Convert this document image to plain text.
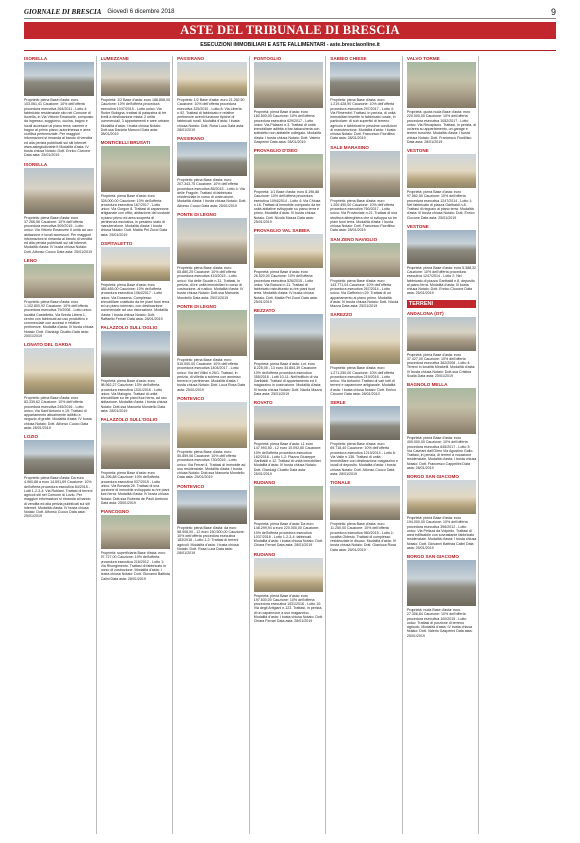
GIORNALE DI BRESCIA Giovedì 6 dicembre 2018	9
ASTE DEL TRIBUNALE DI BRESCIA
ESECUZIONI IMMOBILIARI E ASTE FALLIMENTARI - aste.bresciaonline.it
ISORELLA
Proprietà: piena Base d'asta: euro 103.061,41 Cauzione: 10% dell'offerta procedura esecutiva 264/2011 - Lotto 4: fabbricato residenziale sito nel Comune di Isorella, in Via Vittorio Emanuele, composto da ingresso, soggiorno, cucina, bagno e locali accessori al piano terra; camere e bagno al primo piano; autorimessa e area cortiliva pertinenziale. Per maggiori informazioni si rimanda al bando di vendita ed alla perizia pubblicati sui siti internet www.astegiudiziarie.it Modalità d'asta: IV busta chiusa Notaio: Dott. Enrico Ciccone Data asta: 25/01/2019
ISORELLA
Proprietà: piena Base d'asta: euro 37.266,56 Cauzione: 10% dell'offerta procedura esecutiva 509/2015 - Lotto unico: Via Vittorio Emanuele II unità ad uso abitazione e locali accessori. Per maggiori informazioni si rimanda al bando di vendita ed alla perizia pubblicati sui siti internet. Modalità d'asta: IV busta chiusa Notaio: Dott. Alfonso Cuoco Data asta: 25/01/2019
LENO
Proprietà: piena Base d'asta: euro 1.102.800,92 Cauzione: 10% dell'offerta procedura esecutiva 79/2008 - Lotto unico: località Castelletto, Via Breda Libera 1, centro con fabbricati ad uso produttivo e commerciale con accessi e relative pertinenze. Modalità d'asta: IV busta chiusa Notaio: Dott. Gianluigi Ciuatto Data asta: 25/01/2019
LONATO DEL GARDA
Proprietà: piena Base d'asta: euro 83.339,62 Cauzione: 10% dell'offerta procedura esecutiva 245/2016 - Lotto unico: Via Sant'Antonio n.19. Trattasi di appartamento attualmente adibito a negozio di grafie. Modalità d'asta: IV busta chiusa Notaio: Dott. Alfonso Cuoco Data asta: 25/01/2019
LOZIO
Proprietà: piena Base d'asta: Da euro 4.960,88 a euro 14.691,69 Cauzione: 10% dell'offerta procedura esecutiva 84/2015 - Lotti 1-2-3-4: Via Rubiani. Trattasi di terreni agricoli siti nel Comune di Lozio. Per maggiori informazioni si rimanda al bando di vendita ed alla perizia pubblicati sui siti internet. Modalità d'asta: IV busta chiusa Notaio: Dott. Alfonso Cuoco Data asta: 25/01/2019
LUMEZZANE
Proprietà: 1/2 Base d'asta: euro 186.858,00 Cauzione: 10% dell'offerta procedura esecutiva 1047/2015 - Lotto unico: Via Rudre Bologna, trattasi di palazzina di tre livelli a destinazione mista: 2 unità commerciali, 3 appartamenti e aree urbane. Modalità d'asta: I busta chiusa Notaio: Dott.ssa Daniela Marucci Data asta: 28/01/2019
MONTICELLI BRUSATI
Proprietà: piena Base d'asta: euro 328.000,00 Cauzione: 10% dell'offerta procedura esecutiva 167/2017 - Lotto unico: Via Gorgon 8. Trattasi di capannone artigianale con uffici, abitazione del custode a piano primo ed area scoperta di pertinenza esclusiva, in pessimo stato di manutenzione. Modalità d'asta: I busta chiusa Notaio: Dott. Mattia Pel Zucci Data asta: 25/01/2019
OSPITALETTO
Proprietà: piena Base d'asta: euro 485.465,00 Cauzione: 10% dell'offerta procedura esecutiva 1064/2017 - Lotto unico: Via Dossena. Complesso immobiliare costituito da tre piani fuori terra ed un piano interrato, con destinazione commerciale ad uso ristorazione. Modalità d'asta: I busta chiusa Notaio: Dott. Raffaello Ferrari Data asta: 28/01/2019
PALAZZOLO SULL'OGLIO
Proprietà: piena Base d'asta: euro 98.962,27 Cauzione: 10% dell'offerta procedura esecutiva 1031/2016 - Lotto unico: Via Malogno. Trattasi di unità immobiliare su tre piani fuori terra, ad uso abitazione. Modalità d'asta: I busta chiusa Notaio: Dott.ssa Manuela Mondello Data asta: 28/01/2019
PALAZZOLO SULL'OGLIO
Proprietà: piena Base d'asta: euro 44.296,88 Cauzione: 10% dell'offerta procedura esecutiva 937/2015 - Lotto unico: Via Bonaria 28. Trattasi di una porzione di immobile sviluppato su tre piani fuori terra. Modalità d'asta: IV busta chiusa Notaio: Dott.ssa Roberta de Paoli Ambrosi Data asta: 25/01/2019
PIANCOGNO
Proprietà: superficiaria Base d'asta: euro 97.727,00 Cauzione: 10% dell'offerta procedura esecutiva 216/2012 - Lotto 1: Via Risorgimento. Trattasi di fabbricato in corso di costruzione. Modalità d'asta: I busta chiusa Notaio: Dott. Giovanni Battista Calini Data asta: 28/01/2019
PASSIRANO
Proprietà: 1/2 Base d'asta: euro 21.262,50 Cauzione: 10% dell'offerta procedura esecutiva 325/2010 - Lotto 8: Via Liberta n.92. Trattasi di fabbricato e relative pertinenze aventi funzione tipiche di fabbricati rurali. Modalità d'asta: I busta chiusa Notaio: Dott. Rosa Luca Data asta: 28/01/2019
PASSIRANO
Proprietà: piena Base d'asta: euro 207.343,75 Cauzione: 10% dell'offerta procedura esecutiva 85/2015 - Lotto 4: Via delle Fragole. Trattasi di fabbricato residenziale in corso di costruzione. Modalità d'asta: I busta chiusa Notaio: Dott. Alfonso Cuoco Data asta: 25/01/2019
PONTE DI LEGNO
Proprietà: piena Base d'asta: euro 65.880,25 Cauzione: 10% dell'offerta procedura esecutiva 419/2015 - Lotto unico: Via delle Scuole n.31. Trattasi, in perizia, di tre unità immobiliari in corso di costruzione, al rustico. Modalità d'asta: IV busta chiusa Notaio: Dott.ssa Manuela Mondello Data asta: 25/01/2019
PONTE DI LEGNO
Proprietà: piena Base d'asta: euro 510.000,00 Cauzione: 10% dell'offerta procedura esecutiva 1404/2017 - Lotto unico: Via dei Villini n.26/1. Trattasi, in perizia, di villetta a schiera con annesso terreno e pertinenze. Modalità d'asta: I busta chiusa Notaio: Dott. Luca Rosa Data asta: 25/01/2019
PONTEVICO
Proprietà: piena Base d'asta: euro 50.859,06 Cauzione: 10% dell'offerta procedura esecutiva 730/2016 - Lotto unico: Via Ferrari 4. Trattasi di immobile ad uso residenziale. Modalità d'asta: I busta chiusa Notaio: Dott.ssa Manuela Mondello Data asta: 25/01/2019
PONTEVICO
Proprietà: piena Base d'asta: da euro 58.506,00 - 12 euro 150.500,00 Cauzione: 10% dell'offerta procedura esecutiva 183/2016 - Lotto 1-2: Trattasi di terreni agricoli. Modalità d'asta: I busta chiusa Notaio: Dott. Rosa Luca Data asta: 28/01/2019
PONTOGLIO
Proprietà: piena Base d'asta: euro 160.500,00 Cauzione: 10% dell'offerta procedura esecutiva 629/2017 - Lotto unico: Via Palazzo n.3. Trattasi di unità immobiliare adibita a bar-tabaccheria con sottotetto non abitabile collegato. Modalità d'asta: I busta chiusa Notaio: Dott. Valerio Gasperini Data asta: 28/01/2019
PROVAGLIO D'ISEO
Proprietà: 1/1 Base d'asta: euro 8.196,88 Cauzione: 10% dell'offerta procedura esecutiva 1094/2014 - Lotto 4: Via Chiusa n.16. Trattasi di immobile composto da tre unità abitative sviluppate su piano terra e primo. Modalità d'asta: IV busta chiusa Notaio: Dott. Nicola Mazza Data asta: 25/01/2019
PROVAGLIO VAL SABBIA
Proprietà: piena Base d'asta: euro 26.520,00 Cauzione: 10% dell'offerta procedura esecutiva 526/2015 - Lotto unico: Via Barozzi n.11. Trattasi di fabbricato ristrutturato su tre piani fuori terra. Modalità d'asta: IV busta chiusa Notaio: Dott. Mattia Pel Zucci Data asta: 25/01/2019
REZZATO
Proprietà: piena Base d'asta: Lot. euro 8.225,05 - 13 euro 34.854,39 Cauzione: 10% dell'offerta procedura esecutiva 355/2016 - Lotti 10-11: Nell'edificio di via Garibaldi. Trattasi di appartamento ed il magazzino in costruzione. Modalità d'asta: IV busta chiusa Notaio: Dott. Nicola Mazza Data asta: 25/01/2019
ROVATO
Proprietà: piena Base d'asta: L1 euro 147.993,50 - L2 euro 10.092,60 Cauzione: 10% dell'offerta procedura esecutiva 162/2016 - Lotto 1-2: Piazza Giuseppe Garibaldi n.12. Trattasi di unità immobiliari. Modalità d'asta: IV busta chiusa Notaio: Dott. Gianluigi Ciuatto Data asta: 25/01/2019
RUDIANO
Proprietà: piena Base d'asta: Da euro 148.299,94 a euro 220.000,00 Cauzione: 10% dell'offerta procedura esecutiva 1037/2016 - Lotto 1-2-3-4: fabbricati. Modalità d'asta: I busta chiusa Notaio: Dott. Chiara Ferrari Data asta: 28/01/2019
RUDIANO
Proprietà: piena Base d'asta: euro 197.630,00 Cauzione: 10% dell'offerta procedura esecutiva 1031/2016 - Lotto 10: Via degli Artigiani n.123. Trattasi, in perizia, di un capannone a uso magazzino. Modalità d'asta: I busta chiusa Notaio: Dott. Chiara Ferrari Data asta: 28/01/2019
SABBIO CHIESE
Proprietà: piena Base d'asta: euro 1.219.428,90 Cauzione: 10% dell'offerta procedura esecutiva 297/2017 - Lotto 4: Via Rimembri. Trattasi, in perizia, di unità immobiliari inserite in fabbricato rurale, in particolare: di sub superfici di terreno agricolo e fabbricati in pessime condizioni di manutenzione. Modalità d'asta: I busta chiusa Notaio: Dott. Francesco Fiordiliso Data asta: 28/01/2019
SALE MARASINO
Proprietà: piena Base d'asta: euro 1.200.490,00 Cauzione: 10% dell'offerta procedura esecutiva 760/2017 - Lotto unico: Via Provinciale n.21. Trattasi di una struttura alberghiera che si sviluppa su tre piani fuori terra. Modalità d'asta: I busta chiusa Notaio: Dott. Francesco Fiordiliso Data asta: 28/01/2019
SAN ZENO NAVIGLIO
Proprietà: piena Base d'asta: euro 143.771,04 Cauzione: 10% dell'offerta procedura esecutiva 267/2014 - Lotto unico: Via Gafforini n.29. Trattasi di un appartamento al piano primo. Modalità d'asta: IV busta chiusa Notaio: Dott. Nicola Mazza Data asta: 25/01/2019
SAREZZO
Proprietà: piena Base d'asta: euro 1.271.250,00 Cauzione: 10% dell'offerta procedura esecutiva 219/2016 - Lotto unico: Via Antonini. Trattasi di vari lotti di terreni e capannone artigianale. Modalità d'asta: I busta chiusa Notaio: Dott. Enrico Ciccone Data asta: 28/01/2019
SERLE
Proprietà: piena Base d'asta: euro 69.718,40 Cauzione: 10% dell'offerta procedura esecutiva 1219/2014 - Lotto 6: Via Valle n.136. Trattasi di unità immobiliare con destinazione magazzino e locali di deposito. Modalità d'asta: I busta chiusa Notaio: Dott. Alfonso Cuoco Data asta: 28/01/2019
TIGNALE
Proprietà: piena Base d'asta: euro 11.250,00 Cauzione: 10% dell'offerta procedura esecutiva 980/2015 - Lotto 1: località Oldesio. Trattasi di complesso residenziale in disuso. Modalità d'asta: IV busta chiusa Notaio: Dott. Gianluca Rosa Data asta: 25/01/2019
VALVO TORME
Proprietà: quota nuda Base d'asta: euro 220.000,00 Cauzione: 10% dell'offerta procedura esecutiva 1052/2017 - Lotto unico: Via Recapiscio. Trattasi, in perizia, di un'area su appartamento, un garage e terreni boschivi. Modalità d'asta: I busta chiusa Notaio: Dott. Francesco Fiordiliso Data asta: 28/01/2019
VESTONE
Proprietà: piena Base d'asta: euro 97.562,50 Cauzione: 10% dell'offerta procedura esecutiva 1247/2014 - Lotto 1: Nel fabbricato di piazza Garibaldi n.8. Trattasi di negozio al piano terra. Modalità d'asta: III busta chiusa Notaio: Dott. Enrico Ciccone Data asta: 25/01/2019
VESTONE
Proprietà: piena Base d'asta: euro 5.388,32 Cauzione: 10% dell'offerta procedura esecutiva 1247/2014 - Lotto 2: Nel fabbricato di piazza Garibaldi n.8, deposito al piano terra. Modalità d'asta: III busta chiusa Notaio: Dott. Enrico Ciccone Data asta: 25/01/2019
TERRENI
ANDALONA (OT)
Proprietà: piena Base d'asta: euro 37.427,00 Cauzione: 10% dell'offerta procedura esecutiva 362/2008 - Lotto 4: Terreni in località Mirabelli. Modalità d'asta: IV busta chiusa Notaio: Dott.ssa Cristina Scalia Data asta: 25/01/2019
BAGNOLO MELLA
Proprietà: piena Base d'asta: euro 400.000,00 Cauzione: 10% dell'offerta procedura esecutiva 645/2017 - Lotto 3: Via Cavriani dall'Olmo Via Agostino Gallo. Trattasi, in perizia, di terreni a vocazione residenziale. Modalità d'asta: I busta chiusa Notaio: Dott. Francesco Cappellini Data asta: 28/01/2019
BORGO SAN GIACOMO
Proprietà: piena Base d'asta: euro 194.000,00 Cauzione: 10% dell'offerta procedura esecutiva 396/2012 - Lotto unico: Via Pelizza da Volpedo. Trattasi di area edificabile con sovrastante fabbricato residenziale. Modalità d'asta: I busta chiusa Notaio: Dott. Giovanni Battista Calini Data asta: 25/01/2019
BORGO SAN GIACOMO
Proprietà: nuda Base d'asta: euro 27.306,84 Cauzione: 10% dell'offerta procedura esecutiva 100/2015 - Lotto unico: Trattasi di porzione di terreno agricolo. Modalità d'asta: IV busta chiusa Notaio: Dott. Valerio Gasperini Data asta: 25/01/2019
